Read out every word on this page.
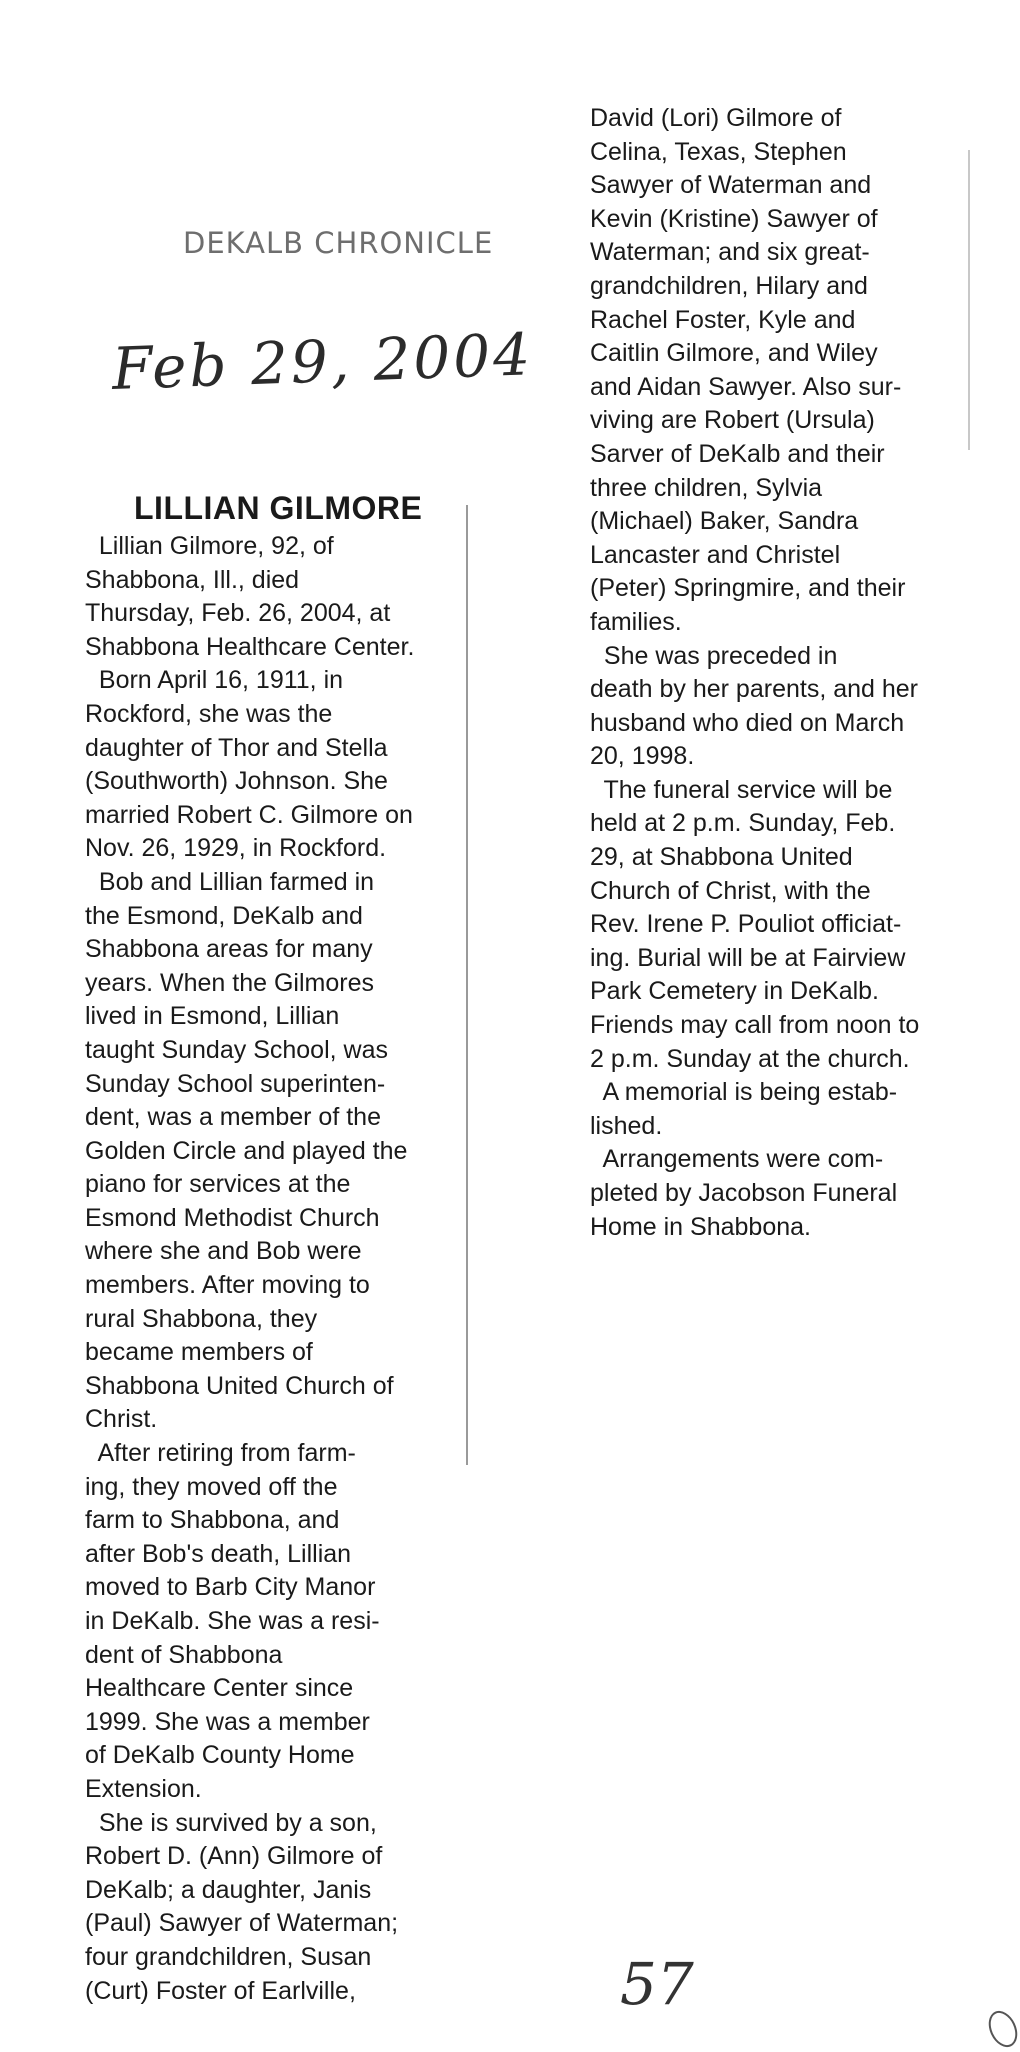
DEKALB CHRONICLE
Feb 29, 2004
LILLIAN GILMORE
Lillian Gilmore, 92, of
Shabbona, Ill., died
Thursday, Feb. 26, 2004, at
Shabbona Healthcare Center.
Born April 16, 1911, in
Rockford, she was the
daughter of Thor and Stella
(Southworth) Johnson. She
married Robert C. Gilmore on
Nov. 26, 1929, in Rockford.
Bob and Lillian farmed in
the Esmond, DeKalb and
Shabbona areas for many
years. When the Gilmores
lived in Esmond, Lillian
taught Sunday School, was
Sunday School superinten-
dent, was a member of the
Golden Circle and played the
piano for services at the
Esmond Methodist Church
where she and Bob were
members. After moving to
rural Shabbona, they
became members of
Shabbona United Church of
Christ.
After retiring from farm-
ing, they moved off the
farm to Shabbona, and
after Bob's death, Lillian
moved to Barb City Manor
in DeKalb. She was a resi-
dent of Shabbona
Healthcare Center since
1999. She was a member
of DeKalb County Home
Extension.
She is survived by a son,
Robert D. (Ann) Gilmore of
DeKalb; a daughter, Janis
(Paul) Sawyer of Waterman;
four grandchildren, Susan
(Curt) Foster of Earlville,
David (Lori) Gilmore of
Celina, Texas, Stephen
Sawyer of Waterman and
Kevin (Kristine) Sawyer of
Waterman; and six great-
grandchildren, Hilary and
Rachel Foster, Kyle and
Caitlin Gilmore, and Wiley
and Aidan Sawyer. Also sur-
viving are Robert (Ursula)
Sarver of DeKalb and their
three children, Sylvia
(Michael) Baker, Sandra
Lancaster and Christel
(Peter) Springmire, and their
families.
She was preceded in
death by her parents, and her
husband who died on March
20, 1998.
The funeral service will be
held at 2 p.m. Sunday, Feb.
29, at Shabbona United
Church of Christ, with the
Rev. Irene P. Pouliot officiat-
ing. Burial will be at Fairview
Park Cemetery in DeKalb.
Friends may call from noon to
2 p.m. Sunday at the church.
A memorial is being estab-
lished.
Arrangements were com-
pleted by Jacobson Funeral
Home in Shabbona.
57
